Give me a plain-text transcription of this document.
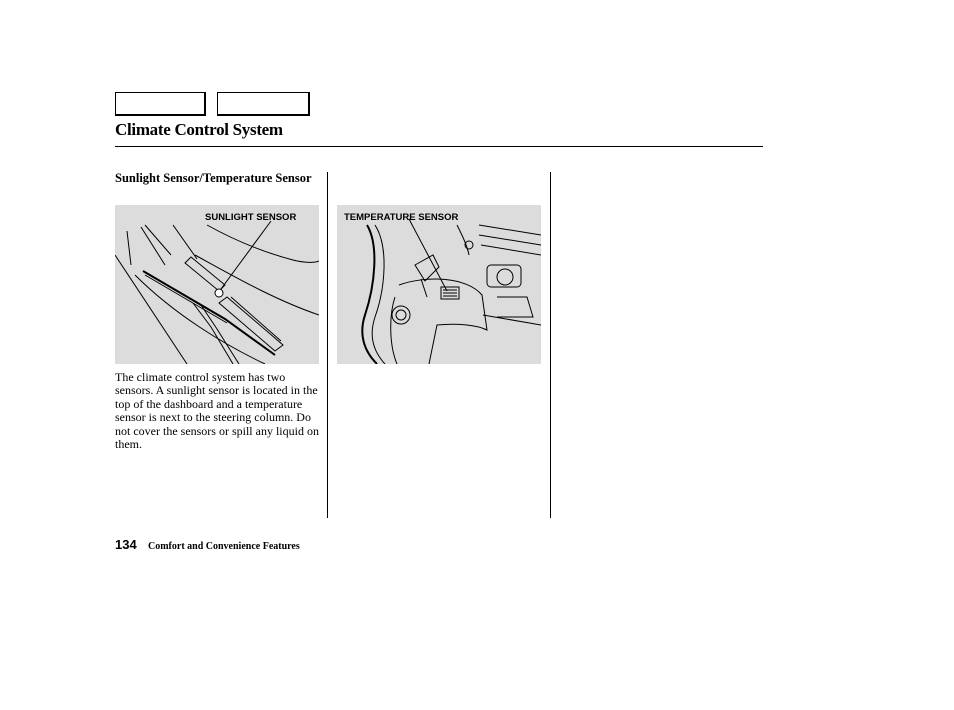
Climate Control System
Sunlight Sensor/Temperature Sensor
SUNLIGHT SENSOR	TEMPERATURE SENSOR

The climate control system has two sensors. A sunlight sensor is located in the top of the dashboard and a temperature sensor is next to the steering column. Do not cover the sensors or spill any liquid on them.

134 Comfort and Convenience Features
